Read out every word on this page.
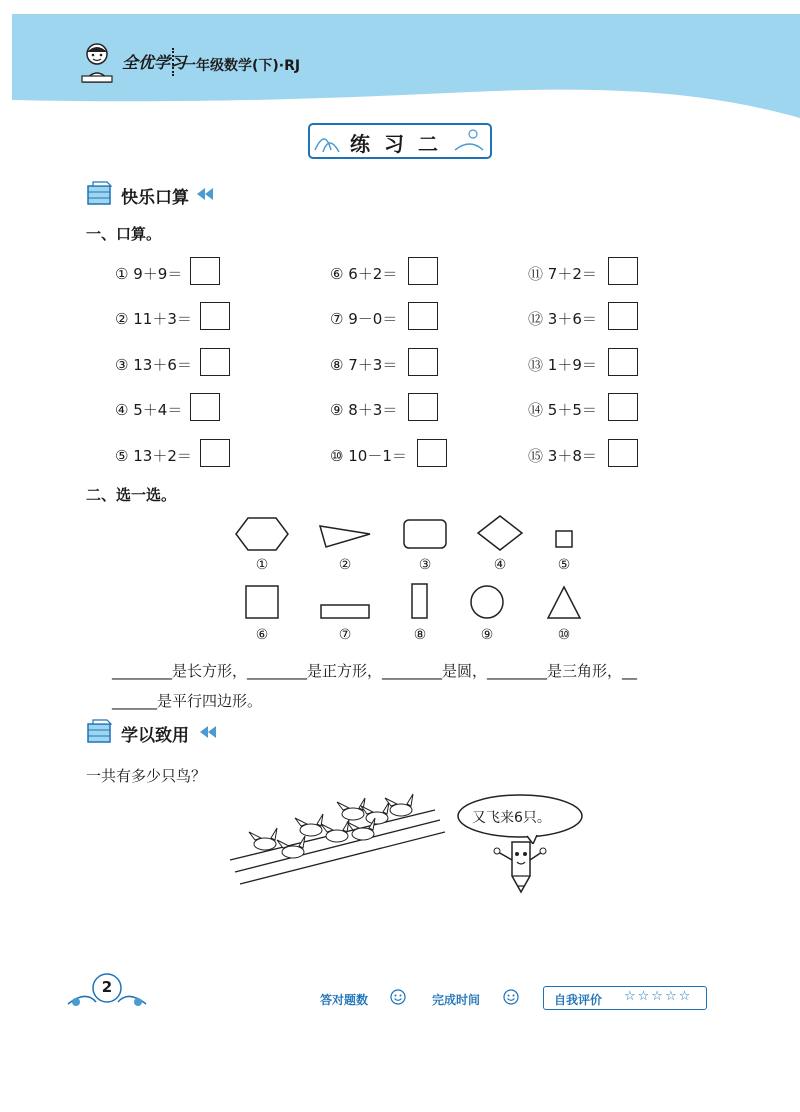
全优学习
一年级数学(下)·RJ
练习二
快乐口算
一、口算。
① 9＋9＝
② 11＋3＝
③ 13＋6＝
④ 5＋4＝
⑤ 13＋2＝
⑥ 6＋2＝
⑦ 9－0＝
⑧ 7＋3＝
⑨ 8＋3＝
⑩ 10－1＝
⑪ 7＋2＝
⑫ 3＋6＝
⑬ 1＋9＝
⑭ 5＋5＝
⑮ 3＋8＝
二、选一选。
①	②	③	④	⑤
⑥	⑦	⑧	⑨	⑩
________是长方形，________是正方形，________是圆，________是三角形，__
______是平行四边形。
学以致用
一共有多少只鸟？
又飞来6只。
2
答对题数	完成时间	自我评价 ☆☆☆☆☆
